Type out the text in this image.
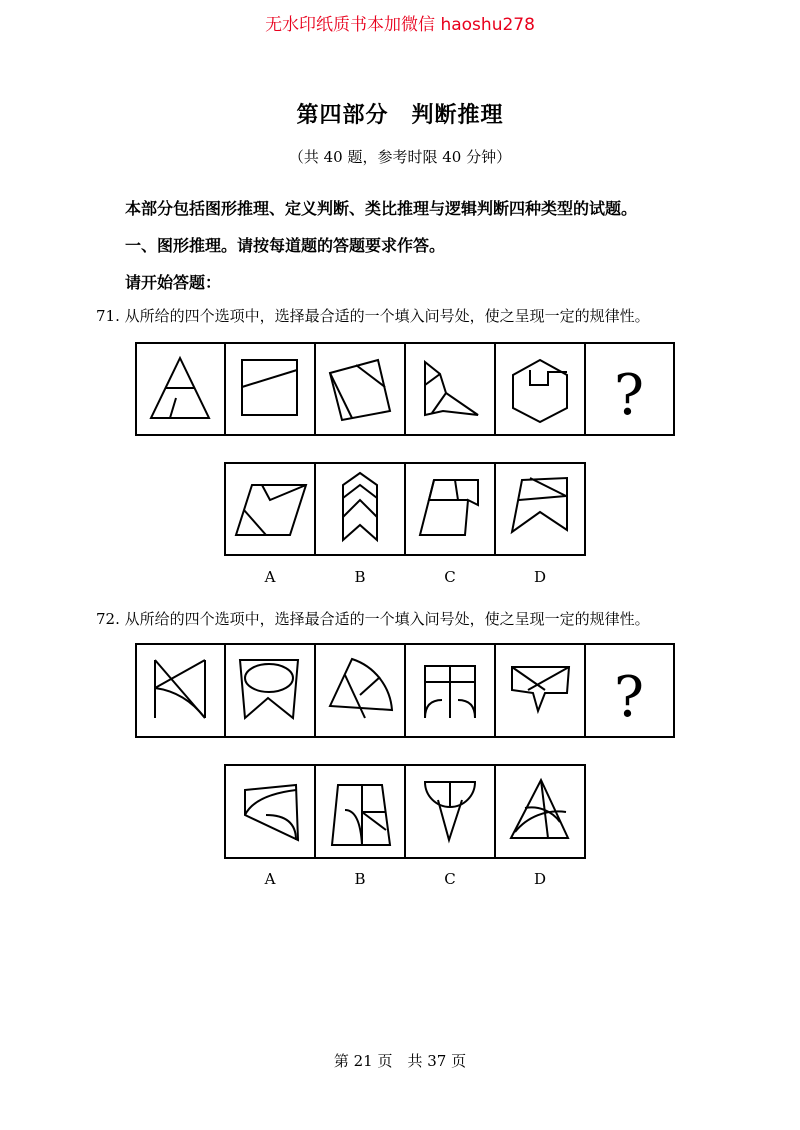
无水印纸质书本加微信 haoshu278
第四部分　判断推理
（共 40 题，参考时限 40 分钟）
本部分包括图形推理、定义判断、类比推理与逻辑判断四种类型的试题。
一、图形推理。请按每道题的答题要求作答。
请开始答题：
71. 从所给的四个选项中，选择最合适的一个填入问号处，使之呈现一定的规律性。
?
A	B	C	D
72. 从所给的四个选项中，选择最合适的一个填入问号处，使之呈现一定的规律性。
?
A	B	C	D
第 21 页　共 37 页
